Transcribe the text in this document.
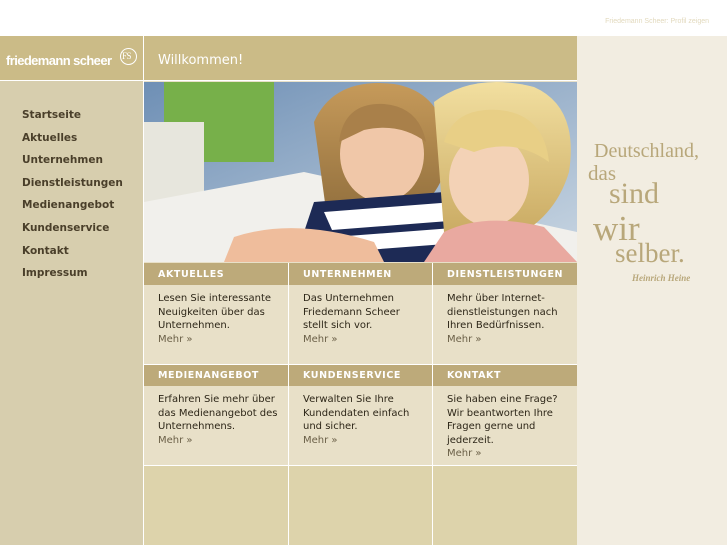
Friedemann Scheer: Profil zeigen
friedemann scheer FS
Startseite
Aktuelles
Unternehmen
Dienstleistungen
Medienangebot
Kundenservice
Kontakt
Impressum
Willkommen!
AKTUELLES
Lesen Sie interessante Neuigkeiten über das Unternehmen.
Mehr »
UNTERNEHMEN
Das Unternehmen Friedemann Scheer stellt sich vor.
Mehr »
DIENSTLEISTUNGEN
Mehr über Internet-dienstleistungen nach Ihren Bedürfnissen.
Mehr »
MEDIENANGEBOT
Erfahren Sie mehr über das Medienangebot des Unternehmens.
Mehr »
KUNDENSERVICE
Verwalten Sie Ihre Kundendaten einfach und sicher.
Mehr »
KONTAKT
Sie haben eine Frage? Wir beantworten Ihre Fragen gerne und jederzeit.
Mehr »
Deutschland,
das
sind
wir
selber.
Heinrich Heine
